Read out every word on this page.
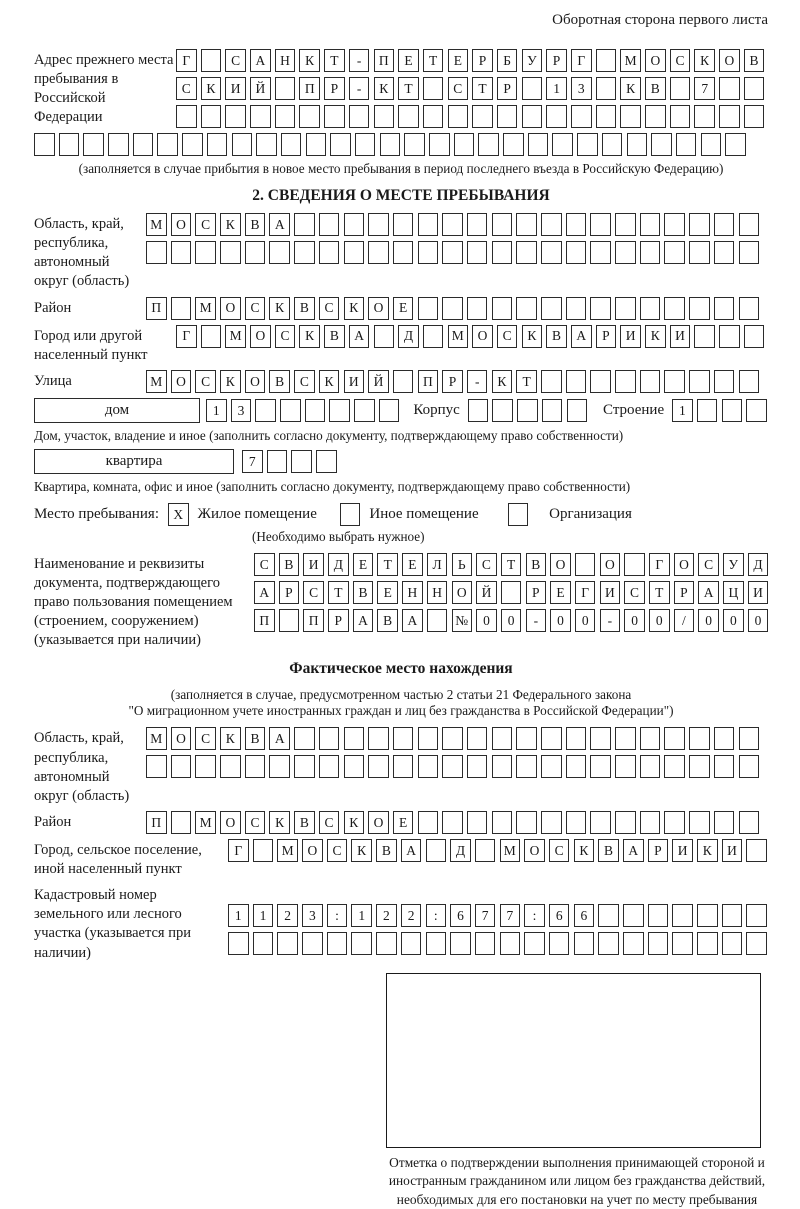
Оборотная сторона первого листа
Адрес прежнего места пребывания в Российской Федерации
Г	С	А	Н	К	Т	-	П	Е	Т	Е	Р	Б	У	Р	Г	М	О	С	К	О	В
С	К	И	Й	П	Р	-	К	Т	С	Т	Р	1	3	К	В	7
(заполняется в случае прибытия в новое место пребывания в период последнего въезда в Российскую Федерацию)
2. СВЕДЕНИЯ О МЕСТЕ ПРЕБЫВАНИЯ
Область, край, республика, автономный округ (область)
М	О	С	К	В	А
Район	П	М	О	С	К	В	С	К	О	Е
Город или другой населенный пункт
Г	М	О	С	К	В	А	Д	М	О	С	К	В	А	Р	И	К	И
Улица	М	О	С	К	О	В	С	К	И	Й	П	Р	-	К	Т
дом	1	3	Корпус	Строение	1
Дом, участок, владение и иное (заполнить согласно документу, подтверждающему право собственности)
квартира	7
Квартира, комната, офис и иное (заполнить согласно документу, подтверждающему право собственности)
Место пребывания:	X Жилое помещение	Иное помещение	Организация
(Необходимо выбрать нужное)
Наименование и реквизиты документа, подтверждающего право пользования помещением (строением, сооружением) (указывается при наличии)
С	В	И	Д	Е	Т	Е	Л	Ь	С	Т	В	О	О	Г	О	С	У	Д
А	Р	С	Т	В	Е	Н	Н	О	Й	Р	Е	Г	И	С	Т	Р	А	Ц	И
П	П	Р	А	В	А	№	0	0	-	0	0	-	0	0	/	0	0	0
Фактическое место нахождения
(заполняется в случае, предусмотренном частью 2 статьи 21 Федерального закона
"О миграционном учете иностранных граждан и лиц без гражданства в Российской Федерации")
Область, край, республика, автономный округ (область)
М	О	С	К	В	А
Район	П	М	О	С	К	В	С	К	О	Е
Город, сельское поселение, иной населенный пункт
Г	М	О	С	К	В	А	Д	М	О	С	К	В	А	Р	И	К	И
Кадастровый номер земельного или лесного участка (указывается при наличии)
1	1	2	3	:	1	2	2	:	6	7	7	:	6	6
Отметка о подтверждении выполнения принимающей стороной и иностранным гражданином или лицом без гражданства действий, необходимых для его постановки на учет по месту пребывания
